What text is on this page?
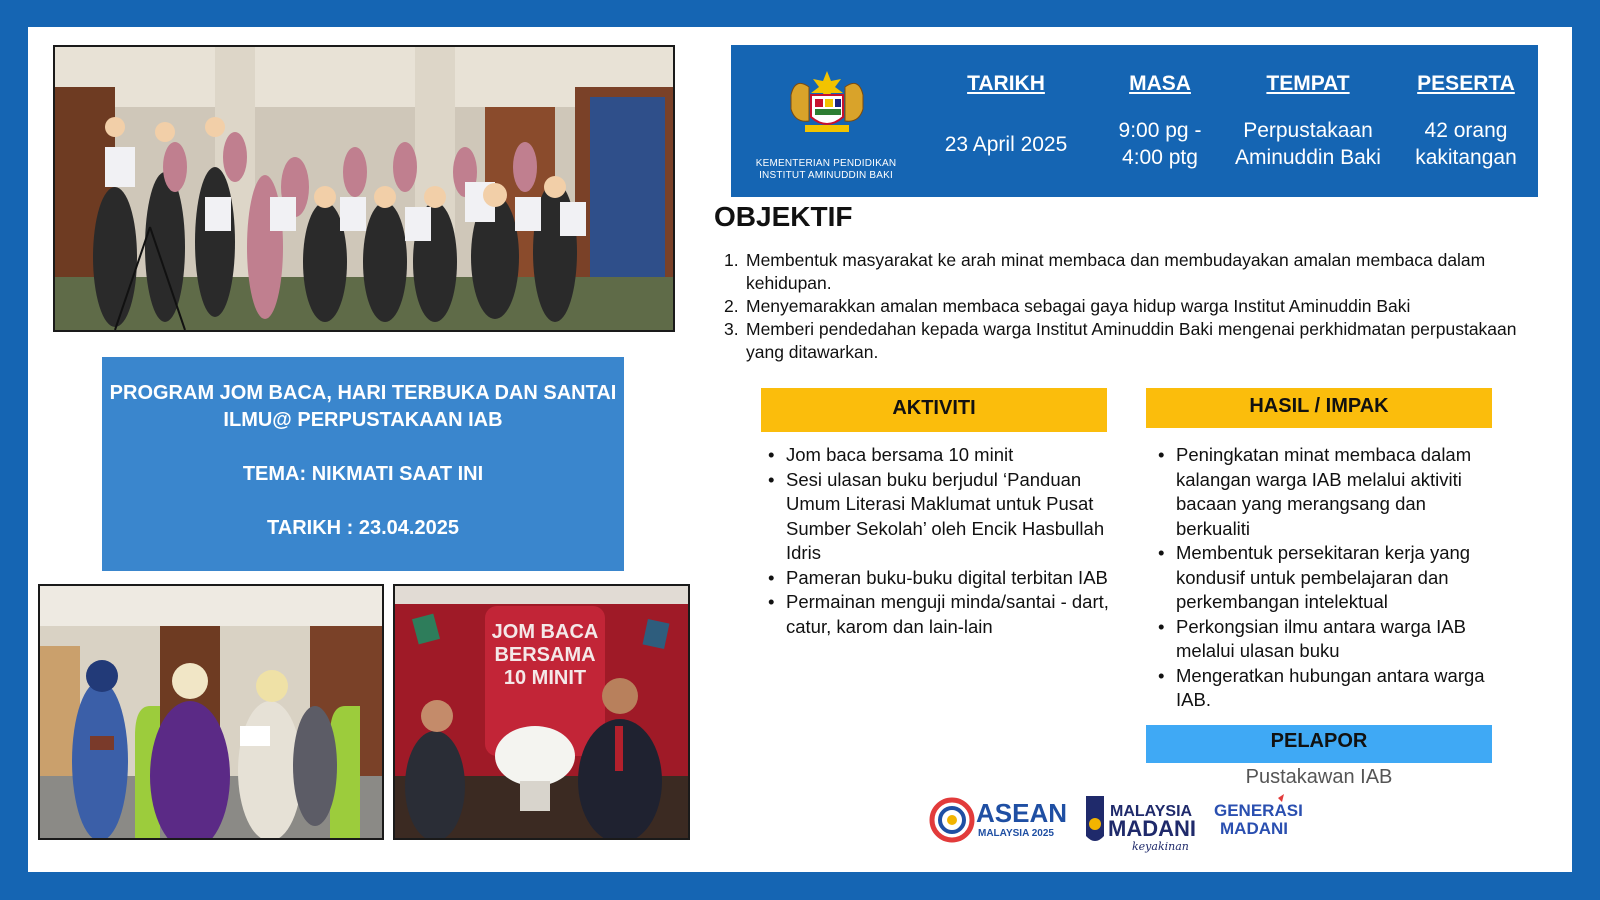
PROGRAM JOM BACA, HARI TERBUKA DAN SANTAI ILMU@ PERPUSTAKAAN IAB
TEMA: NIKMATI SAAT INI
TARIKH : 23.04.2025
JOM BACA
BERSAMA
10 MINIT
KEMENTERIAN PENDIDIKAN
INSTITUT AMINUDDIN BAKI
TARIKH
23 April 2025
MASA
9:00 pg -
4:00 ptg
TEMPAT
Perpustakaan
Aminuddin Baki
PESERTA
42 orang
kakitangan
OBJEKTIF
1. Membentuk masyarakat ke arah minat membaca dan membudayakan amalan membaca dalam kehidupan.
2. Menyemarakkan amalan membaca sebagai gaya hidup warga Institut Aminuddin Baki
3. Memberi pendedahan kepada warga Institut Aminuddin Baki mengenai perkhidmatan perpustakaan yang ditawarkan.
AKTIVITI
• Jom baca bersama 10 minit
• Sesi ulasan buku berjudul ‘Panduan Umum Literasi Maklumat untuk Pusat Sumber Sekolah’ oleh Encik Hasbullah Idris
• Pameran buku-buku digital terbitan IAB
• Permainan menguji minda/santai - dart, catur, karom dan lain-lain
HASIL / IMPAK
• Peningkatan minat membaca dalam kalangan warga IAB melalui aktiviti bacaan yang merangsang dan berkualiti
• Membentuk persekitaran kerja yang kondusif untuk pembelajaran dan perkembangan intelektual
• Perkongsian ilmu antara warga IAB melalui ulasan buku
• Mengeratkan hubungan antara warga IAB.
PELAPOR
Pustakawan IAB
ASEAN
MALAYSIA 2025
MALAYSIA
MADANI
keyakinan
GENERASI
MADANI
